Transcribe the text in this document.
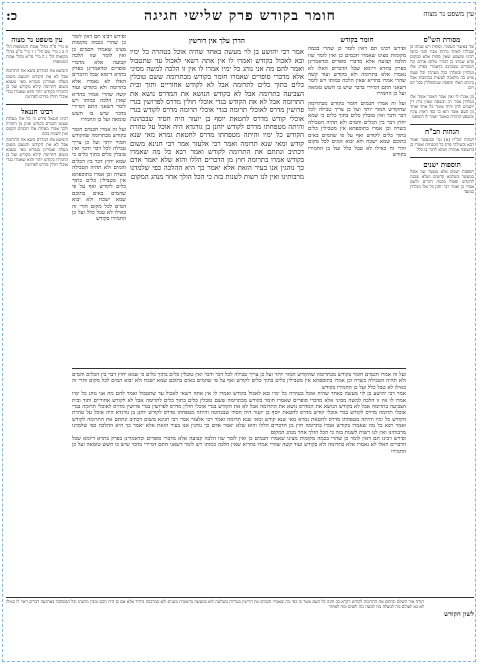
עין משפט נר מצוה
חומר בקודש פרק שלישי חגיגה
כ:
מסורת הש"ס
ובד באשור העומר. ופוחת ויש שמתו כן שנולדו לאחר מיתת אביו והכי כחבו רבינו ומשמע שאין פחות אלא במקום שיש שמתו כן דבורו שלום אחים וכל הנוכרים שבכתוב כדאמרי בפרק אלו מגלחין ובשלהי בכל מערבין וכל שעה שיש בה מלאכה לעשות בכתובתו אבל בימים האלו והפסח שמתפללין בכל יום ויום
מן אמרו לו ואין אמר ויאמר אומר אלו מגלחין אמר רב ובשעה שאין בית דין יושבים לדון והיה אומר כל אחד ואחד מן העם אשר הוא בו כפי ראות עיניו ומשפט התורה כאשר יאמר לו השופט
הגהות הב"ח
הגהות הב"ח (א) גמ' ובמעשר ואמר רבא ובשילהי פרק כל המנחות ואמרו כן בתשובה אמורה ושלא לדבר בו כלל
תוספות ישנים
תוספות ישנים אלא מעשר שני אוכל במעשר בשלמא קדשים ושלא שבנת להקדש ופסול בכמה דברים ולשם אמרו כן ואמר רבי יוחנן כל אלו מגלחין במועד
חומר בקודש
ופירש רבינו תם דאין לומר כן שהרי בכמה מקומות מצינו שאמרו חכמים כן ואין לומר שזו הלכה קבועה אלא מדברי סופרים וכדאמרינן בפרק בתרא דיומא שכל הדברים האלו לא נאמרו אלא בתרומה ולא בקודש ועוד קשה שהרי אמרו בהדיא שאין הלכה כמותו ויש לומר דשאני התם דמיירי בדבר שיש בו חשש טומאה ועל כן החמירו
ועל זה אמרו חכמים חומר בקודש מבתרומה שהקודש חמור יותר ועל כן צריך טבילה לכל דבר ודבר ואין טובלין כלים בתוך כלים כי שמא יחוץ דבר בין הכלים והמים ולא תהיה הטבילה כשרה וכן אמרו בתוספתא אין מטבילין כלים בתוך כלים לקודש ואף על פי שהמים באים בתוכם שמא ישכח ולא יבוא המים לכל מקום והרי זה כאילו לא טבל כלל ועל כן החמירו בקודש
הדרן עלך אין דורשין
אמר רבי יהושע בן לוי מעשה באחד שהיה אוכל בטהרה כל ימיו ובא לאכול בקודש ואמרו לו אין אתה רשאי לאכול עד שתטבול ואמר להם מה אני נוהג כל ימיו אמרו לו אין זו הלכה למשה מסיני אלא מדברי סופרים שאמרו חומר בקודש מבתרומה ששם טובלין כלים בתוך כלים לתרומה אבל לא לקודש אחוריים ותוך ובית הצביעה בתרומה אבל לא בקודש הנושא את המדרס נושא את התרומה אבל לא את הקודש בגדי אוכלי חולין מדרס לפרושין בגדי פרושין מדרס לאוכלי תרומה בגדי אוכלי תרומה מדרס לקודש בגדי אוכלי קודש מדרס לחטאת יוסף בן יועזר היה חסיד שבכהונה והיתה מטפחתו מדרס לקודש יוחנן בן גודגדא היה אוכל על טהרת הקודש כל ימיו והיתה מטפחתו מדרס לחטאת גמרא מאי שנא קודש ומאי שנא תרומה ואמר רבי אלעזר אמר רבי חנינא משום דכתיב ונתתם את התרומה לקודש ואמר רבא כל מה שאמרו בקודש אמרו בתרומה חוץ מן הדברים הללו והוא שלא יאמר אדם כך נוהגין אנו בעיר הזאת אלא יאמר כך היא ההלכה כפי שלמדנו מרבותינו ואין לנו רשות לשנות בזה כי הכל הולך אחר מנהג המקום
ופירש רבינו תם דאין לומר כן שהרי בכמה מקומות מצינו שאמרו חכמים כן ואין לומר שזו הלכה קבועה אלא מדברי סופרים וכדאמרינן בפרק בתרא דיומא שכל הדברים האלו לא נאמרו אלא בתרומה ולא בקודש ועוד קשה שהרי אמרו בהדיא שאין הלכה כמותו ויש לומר דשאני התם דמיירי בדבר שיש בו חשש טומאה ועל כן החמירו
ועל זה אמרו חכמים חומר בקודש מבתרומה שהקודש חמור יותר ועל כן צריך טבילה לכל דבר ודבר ואין טובלין כלים בתוך כלים כי שמא יחוץ דבר בין הכלים והמים ולא תהיה הטבילה כשרה וכן אמרו בתוספתא אין מטבילין כלים בתוך כלים לקודש ואף על פי שהמים באים בתוכם שמא ישכח ולא יבוא המים לכל מקום והרי זה כאילו לא טבל כלל ועל כן החמירו בקודש
ועל זה אמרו חכמים חומר בקודש מבתרומה שהקודש חמור יותר ועל כן צריך טבילה לכל דבר ודבר ואין טובלין כלים בתוך כלים כי שמא יחוץ דבר בין הכלים והמים ולא תהיה הטבילה כשרה וכן אמרו בתוספתא אין מטבילין כלים בתוך כלים לקודש ואף על פי שהמים באים בתוכם שמא ישכח ולא יבוא המים לכל מקום והרי זה כאילו לא טבל כלל ועל כן החמירו בקודש
אמר רבי יהושע בן לוי מעשה באחד שהיה אוכל בטהרה כל ימיו ובא לאכול בקודש ואמרו לו אין אתה רשאי לאכול עד שתטבול ואמר להם מה אני נוהג כל ימיו אמרו לו אין זו הלכה למשה מסיני אלא מדברי סופרים שאמרו חומר בקודש מבתרומה ששם טובלין כלים בתוך כלים לתרומה אבל לא לקודש אחוריים ותוך ובית הצביעה בתרומה אבל לא בקודש הנושא את המדרס נושא את התרומה אבל לא את הקודש בגדי אוכלי חולין מדרס לפרושין בגדי פרושין מדרס לאוכלי תרומה בגדי אוכלי תרומה מדרס לקודש בגדי אוכלי קודש מדרס לחטאת יוסף בן יועזר היה חסיד שבכהונה והיתה מטפחתו מדרס לקודש יוחנן בן גודגדא היה אוכל על טהרת הקודש כל ימיו והיתה מטפחתו מדרס לחטאת גמרא מאי שנא קודש ומאי שנא תרומה ואמר רבי אלעזר אמר רבי חנינא משום דכתיב ונתתם את התרומה לקודש ואמר רבא כל מה שאמרו בקודש אמרו בתרומה חוץ מן הדברים הללו והוא שלא יאמר אדם כך נוהגין אנו בעיר הזאת אלא יאמר כך היא ההלכה כפי שלמדנו מרבותינו ואין לנו רשות לשנות בזה כי הכל הולך אחר מנהג המקום
ופירש רבינו תם דאין לומר כן שהרי בכמה מקומות מצינו שאמרו חכמים כן ואין לומר שזו הלכה קבועה אלא מדברי סופרים וכדאמרינן בפרק בתרא דיומא שכל הדברים האלו לא נאמרו אלא בתרומה ולא בקודש ועוד קשה שהרי אמרו בהדיא שאין הלכה כמותו ויש לומר דשאני התם דמיירי בדבר שיש בו חשש טומאה ועל כן החמירו
עין משפט נר מצוה
א מיי' פ"ה מהל' אבות הטומאות הל' ה ב ג מיי' שם הל' ו ד מיי' פ"ט מהל' מקואות הל' ג ה מיי' פי"א מהל' אבות הטומאות
והנושא את המדרס נושא את התרומה אבל לא את הקודש והטעם משום מעלה ואמרינן בגמרא מאי טעמא משום דתרומה קילא מקודש ועל כן החמירו בקודש יותר והוא שאמרו בגדי אוכלי חולין מדרס לפרושין
רבינו חננאל
רבינו חננאל פירש כי כל אלו מעלות שעשו חכמים בקודש ואינן מן התורה ולכך אמרו מעלות אלו חכמים תקנום ואין לשנות בהם
והנושא את המדרס נושא את התרומה אבל לא את הקודש והטעם משום מעלה ואמרינן בגמרא מאי טעמא משום דתרומה קילא מקודש ועל כן החמירו בקודש יותר והוא שאמרו בגדי אוכלי חולין מדרס לפרושין
לשון הקודש
תורה אור השלם ונתתם את התרומה לקודש ויקרא כב והנה כל העם אשר בו כפי מה שאמרו חכמים אין דורשין בעריות בשלשה ולא במעשה בראשית בשנים ולא במרכבה ביחיד אלא אם כן היה חכם ומבין מדעתו וכל המסתכל בארבעה דברים ראוי לו כאילו לא בא לעולם מה למעלה מה למטה מה לפנים ומה לאחור
